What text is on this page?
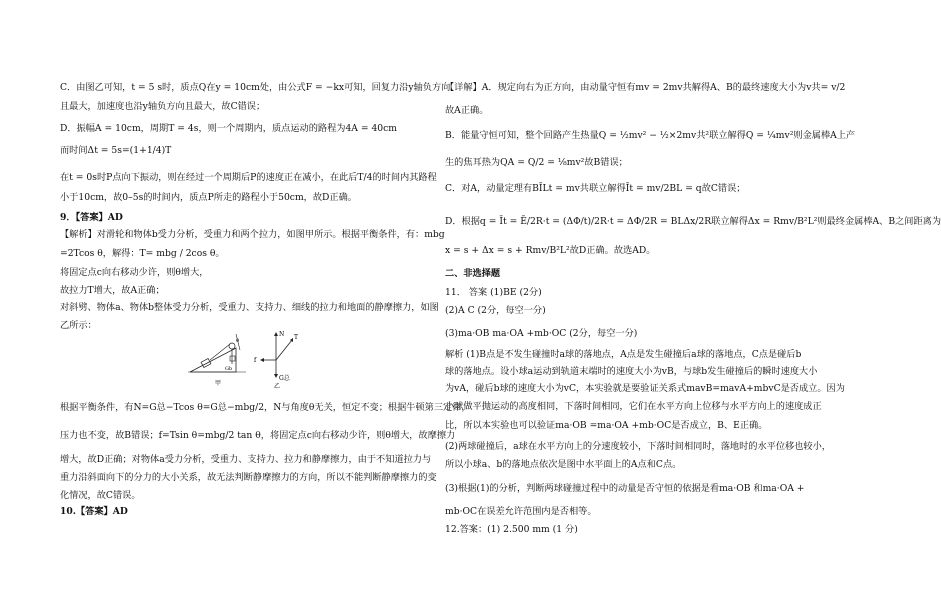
C．由图乙可知，t = 5 s时，质点Q在y = 10cm处，由公式F = −kx可知，回复力沿y轴负方向
且最大，加速度也沿y轴负方向且最大，故C错误；
D．振幅A = 10cm，周期T = 4s，则一个周期内，质点运动的路程为4A = 40cm
而时间Δt = 5s=(1+1/4)T
在t = 0s时P点向下振动，则在经过一个周期后P的速度正在减小，在此后T/4的时间内其路程
小于10cm，故0–5s的时间内，质点P所走的路程小于50cm，故D正确。
9．【答案】AD
【解析】对滑轮和物体b受力分析，受重力和两个拉力，如图甲所示。根据平衡条件，有：mbg
=2Tcos θ，解得：T= mbg / 2cos θ。
将固定点c向右移动少许，则θ增大，
故拉力T增大，故A正确；
对斜劈、物体a、物体b整体受力分析，受重力、支持力、细线的拉力和地面的静摩擦力，如图
乙所示：
甲
θ
Gb
N T
f
G总
乙
根据平衡条件，有N=G总−Tcos θ=G总−mbg/2，N与角度θ无关，恒定不变；根据牛顿第三定律，
压力也不变，故B错误；f=Tsin θ=mbg/2 tan θ，将固定点c向右移动少许，则θ增大，故摩擦力
增大，故D正确；对物体a受力分析，受重力、支持力、拉力和静摩擦力，由于不知道拉力与
重力沿斜面向下的分力的大小关系，故无法判断静摩擦力的方向，所以不能判断静摩擦力的变
化情况，故C错误。
10.【答案】AD
【详解】A．规定向右为正方向，由动量守恒有mv = 2mv共解得A、B的最终速度大小为v共= v/2
故A正确。
B．能量守恒可知，整个回路产生热量Q = ½mv² − ½×2mv共²联立解得Q = ¼mv²则金属棒A上产
生的焦耳热为QA = Q/2 = ⅛mv²故B错误；
C．对A，动量定理有BĪLt = mv共联立解得Īt = mv/2BL = q故C错误；
D．根据q = Īt = Ē/2R·t = (ΔΦ/t)/2R·t = ΔΦ/2R = BLΔx/2R联立解得Δx = Rmv/B²L²则最终金属棒A、B之间距离为
x = s + Δx = s + Rmv/B²L²故D正确。故选AD。
二、非选择题
11． 答案 (1)BE (2分)
(2)A C (2分，每空一分)
(3)ma·OB ma·OA +mb·OC (2分，每空一分)
解析 (1)B点是不发生碰撞时a球的落地点，A点是发生碰撞后a球的落地点，C点是碰后b
球的落地点。设小球a运动到轨道末端时的速度大小为vB，与球b发生碰撞后的瞬时速度大小
为vA，碰后b球的速度大小为vC，本实验就是要验证关系式mavB=mavA+mbvC是否成立。因为
小球做平抛运动的高度相同，下落时间相同，它们在水平方向上位移与水平方向上的速度成正
比，所以本实验也可以验证ma·OB =ma·OA +mb·OC是否成立，B、E正确。
(2)两球碰撞后，a球在水平方向上的分速度较小，下落时间相同时，落地时的水平位移也较小，
所以小球a、b的落地点依次是图中水平面上的A点和C点。
(3)根据(1)的分析，判断两球碰撞过程中的动量是否守恒的依据是看ma·OB 和ma·OA +
mb·OC在误差允许范围内是否相等。
12.答案：(1) 2.500 mm (1 分)
